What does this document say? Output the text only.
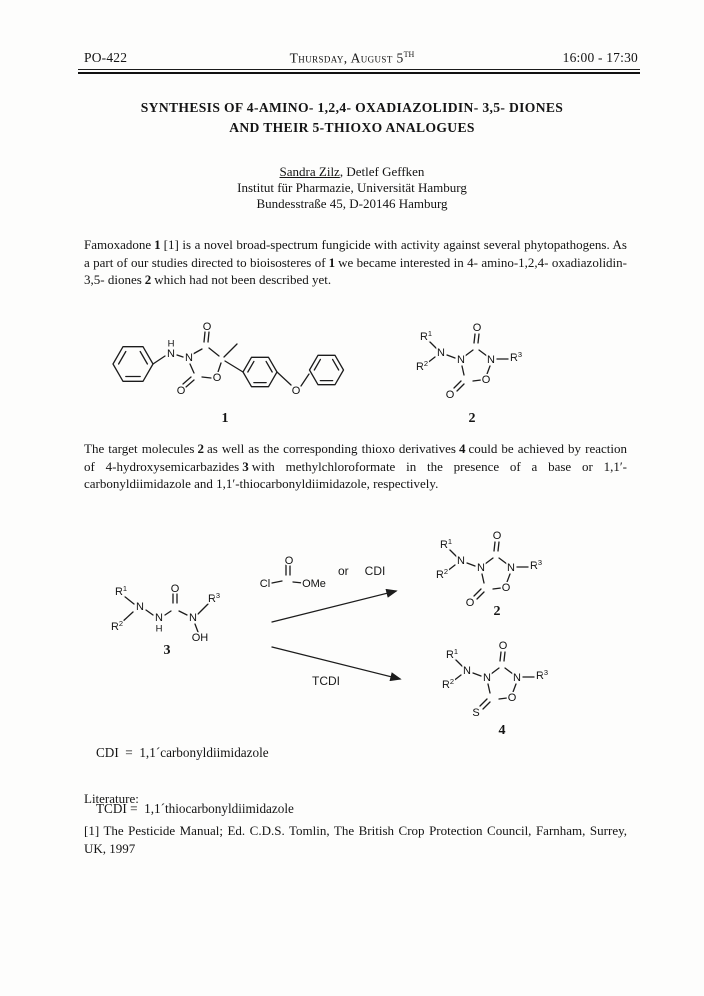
PO-422	Thursday, August 5TH	16:00 - 17:30
SYNTHESIS OF 4-AMINO- 1,2,4- OXADIAZOLIDIN- 3,5- DIONES
AND THEIR 5-THIOXO ANALOGUES
Sandra Zilz, Detlef Geffken
Institut für Pharmazie, Universität Hamburg
Bundesstraße 45, D-20146 Hamburg

Famoxadone 1 [1] is a novel broad-spectrum fungicide with activity against several phytopathogens. As a part of our studies directed to bioisosteres of 1 we became interested in 4- amino-1,2,4- oxadiazolidin- 3,5- diones 2 which had not been described yet.

H
N N
O
O
O	O
1
$R^1$
N
$R^2$	N
O
N $R^3$
O
O
2

The target molecules 2 as well as the corresponding thioxo derivatives 4 could be achieved by reaction of 4-hydroxysemicarbazides 3 with methylchloroformate in the presence of a base or 1,1′-carbonyldiimidazole and 1,1′-thiocarbonyldiimidazole, respectively.

$R^1$
N
$R^2$	N
H
O
N
$R^3$
OH
3
Cl
O
OMe
or CDI
TCDI
$R^1$
N
$R^2$	N
O
N $R^3$
O
O
2
$R^1$
N
$R^2$	N
O
N $R^3$
O
S
4

CDI  =  1,1´carbonyldiimidazole

TCDI =  1,1´thiocarbonyldiimidazole

Literature:

[1] The Pesticide Manual; Ed. C.D.S. Tomlin, The British Crop Protection Council, Farnham, Surrey, UK, 1997
